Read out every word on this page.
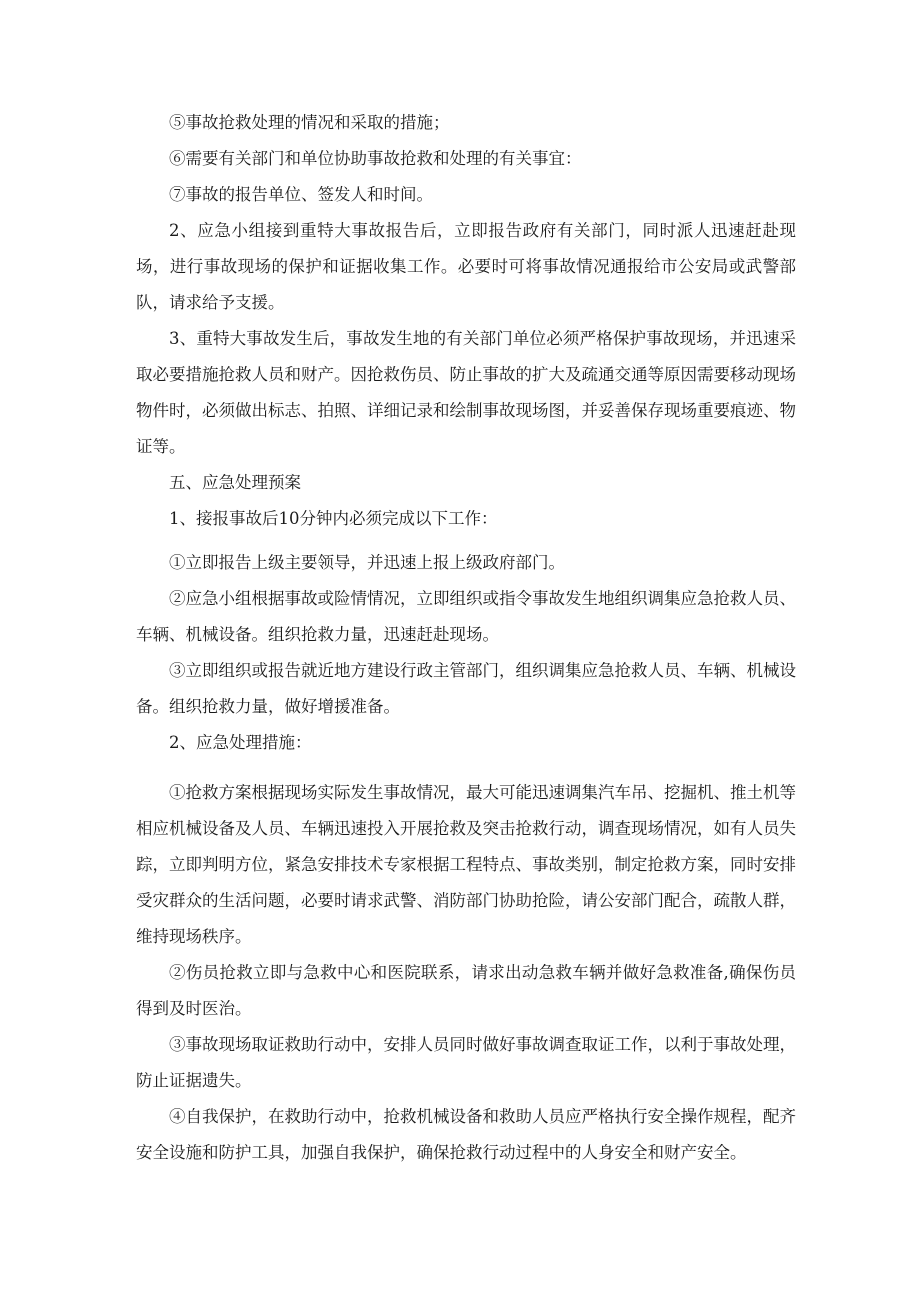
⑤事故抢救处理的情况和采取的措施；

⑥需要有关部门和单位协助事故抢救和处理的有关事宜：

⑦事故的报告单位、签发人和时间。

2、应急小组接到重特大事故报告后，立即报告政府有关部门，同时派人迅速赶赴现场，进行事故现场的保护和证据收集工作。必要时可将事故情况通报给市公安局或武警部队，请求给予支援。

3、重特大事故发生后，事故发生地的有关部门单位必须严格保护事故现场，并迅速采取必要措施抢救人员和财产。因抢救伤员、防止事故的扩大及疏通交通等原因需要移动现场物件时，必须做出标志、拍照、详细记录和绘制事故现场图，并妥善保存现场重要痕迹、物证等。

五、应急处理预案

1、接报事故后10分钟内必须完成以下工作：

①立即报告上级主要领导，并迅速上报上级政府部门。

②应急小组根据事故或险情情况，立即组织或指令事故发生地组织调集应急抢救人员、车辆、机械设备。组织抢救力量，迅速赶赴现场。

③立即组织或报告就近地方建设行政主管部门，组织调集应急抢救人员、车辆、机械设备。组织抢救力量，做好增援准备。

2、应急处理措施：

①抢救方案根据现场实际发生事故情况，最大可能迅速调集汽车吊、挖掘机、推土机等相应机械设备及人员、车辆迅速投入开展抢救及突击抢救行动，调查现场情况，如有人员失踪，立即判明方位，紧急安排技术专家根据工程特点、事故类别，制定抢救方案，同时安排受灾群众的生活问题，必要时请求武警、消防部门协助抢险，请公安部门配合，疏散人群，维持现场秩序。

②伤员抢救立即与急救中心和医院联系，请求出动急救车辆并做好急救准备,确保伤员得到及时医治。

③事故现场取证救助行动中，安排人员同时做好事故调查取证工作，以利于事故处理，防止证据遗失。

④自我保护，在救助行动中，抢救机械设备和救助人员应严格执行安全操作规程，配齐安全设施和防护工具，加强自我保护，确保抢救行动过程中的人身安全和财产安全。
